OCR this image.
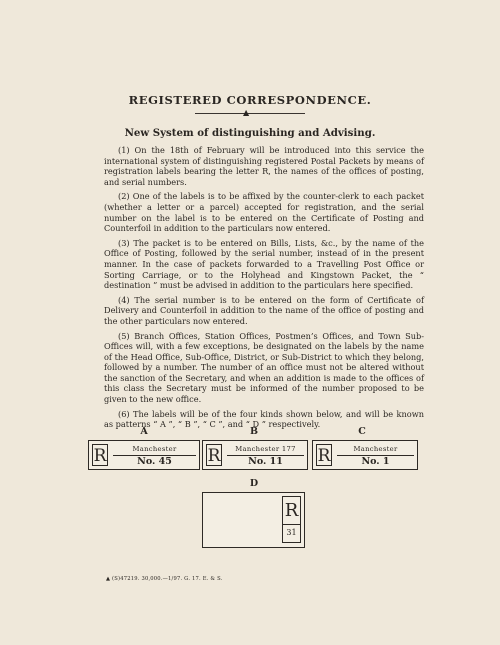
REGISTERED CORRESPONDENCE.
▲
New System of distinguishing and Advising.

(1) On the 18th of February will be introduced into this service the international system of distinguishing registered Postal Packets by means of registration labels bearing the letter R, the names of the offices of posting, and serial numbers.

(2) One of the labels is to be affixed by the counter-clerk to each packet (whether a letter or a parcel) accepted for registration, and the serial number on the label is to be entered on the Certificate of Posting and Counterfoil in addition to the particulars now entered.

(3) The packet is to be entered on Bills, Lists, &c., by the name of the Office of Posting, followed by the serial number, instead of in the present manner. In the case of packets forwarded to a Travelling Post Office or Sorting Carriage, or to the Holyhead and Kingstown Packet, the “ destination ” must be advised in addition to the particulars here specified.

(4) The serial number is to be entered on the form of Certificate of Delivery and Counterfoil in addition to the name of the office of posting and the other particulars now entered.

(5) Branch Offices, Station Offices, Postmen’s Offices, and Town Sub-Offices will, with a few exceptions, be designated on the labels by the name of the Head Office, Sub-Office, District, or Sub-District to which they belong, followed by a number. The number of an office must not be altered without the sanction of the Secretary, and when an addition is made to the offices of this class the Secretary must be informed of the number proposed to be given to the new office.

(6) The labels will be of the four kinds shown below, and will be known as patterns “ A ”, “ B ”, “ C ”, and “ D ” respectively.

A
R	Manchester
No. 45
B
R	Manchester 177
No. 11
C
R	Manchester
No. 1
D
R
31
▲ (S)47219. 30,000.—1/97. G. 17. E. & S.
